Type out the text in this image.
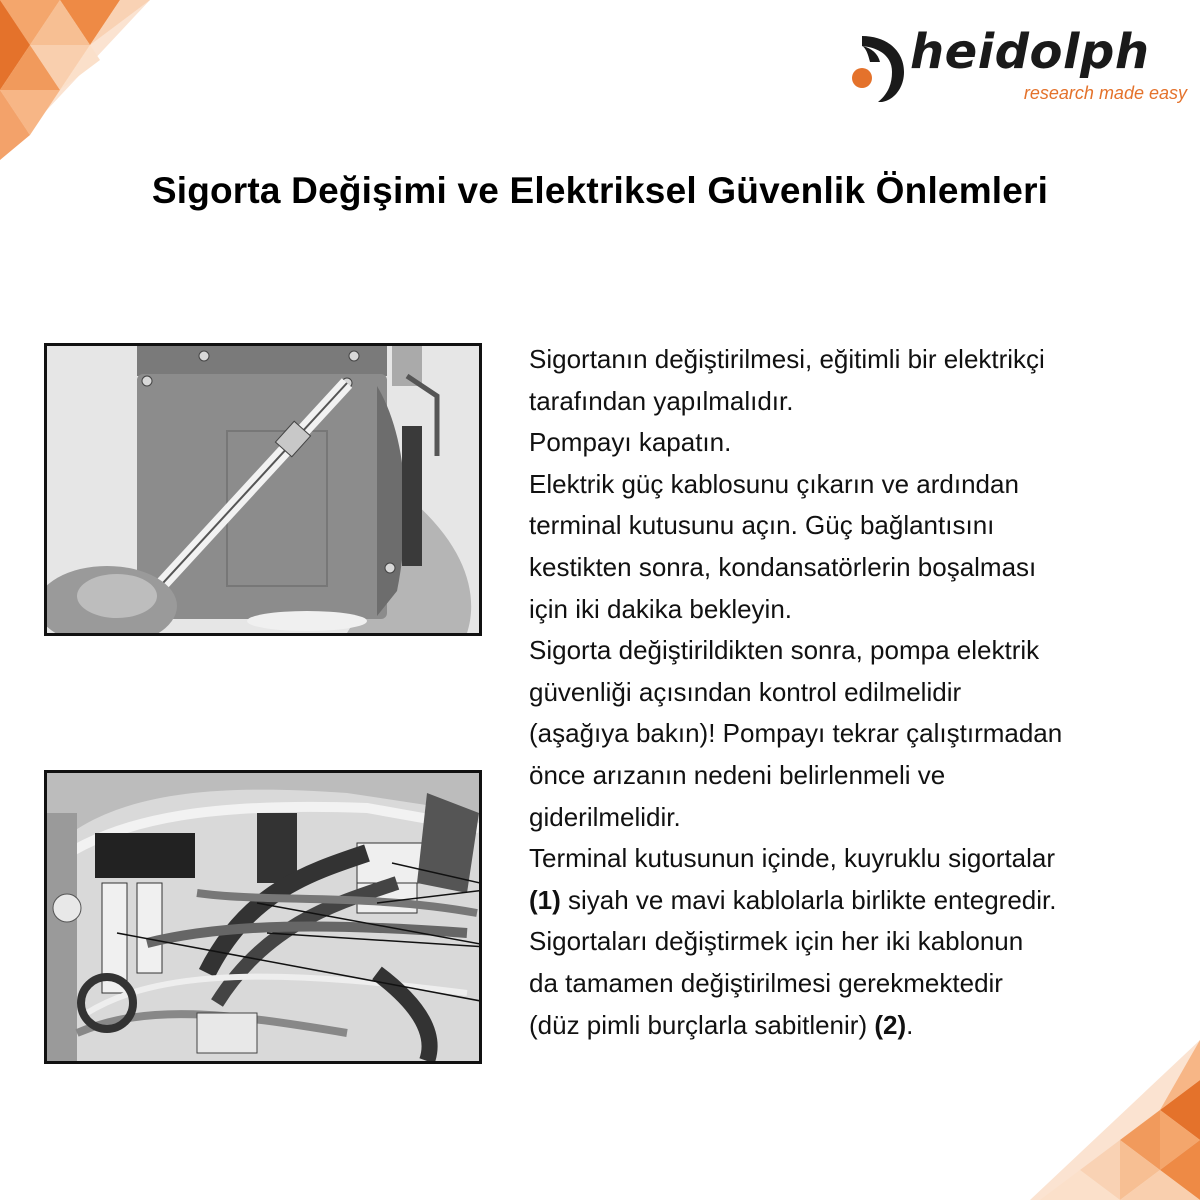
heidolph
research made easy
Sigorta Değişimi ve Elektriksel Güvenlik Önlemleri

Sigortanın değiştirilmesi, eğitimli bir elektrikçi

tarafından yapılmalıdır.

Pompayı kapatın.

Elektrik güç kablosunu çıkarın ve ardından

terminal kutusunu açın. Güç bağlantısını

kestikten sonra, kondansatörlerin boşalması

için iki dakika bekleyin.

Sigorta değiştirildikten sonra, pompa elektrik

güvenliği açısından kontrol edilmelidir

(aşağıya bakın)! Pompayı tekrar çalıştırmadan

önce arızanın nedeni belirlenmeli ve

giderilmelidir.

Terminal kutusunun içinde, kuyruklu sigortalar

(1) siyah ve mavi kablolarla birlikte entegredir.

Sigortaları değiştirmek için her iki kablonun

da tamamen değiştirilmesi gerekmektedir

(düz pimli burçlarla sabitlenir) (2).
